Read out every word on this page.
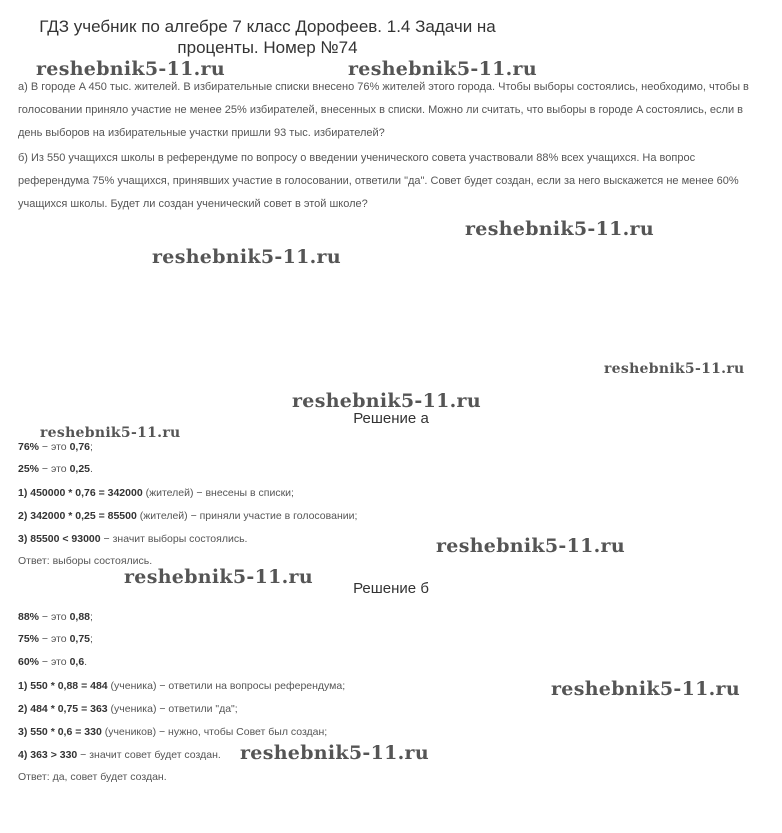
ГДЗ учебник по алгебре 7 класс Дорофеев. 1.4 Задачи на проценты. Номер №74
reshebnik5-11.ru	reshebnik5-11.ru
reshebnik5-11.ru
reshebnik5-11.ru
reshebnik5-11.ru
reshebnik5-11.ru
reshebnik5-11.ru
reshebnik5-11.ru
reshebnik5-11.ru
reshebnik5-11.ru
reshebnik5-11.ru
а) В городе A 450 тыс. жителей. В избирательные списки внесено 76% жителей этого города. Чтобы выборы состоялись, необходимо, чтобы в голосовании приняло участие не менее 25% избирателей, внесенных в списки. Можно ли считать, что выборы в городе A состоялись, если в день выборов на избирательные участки пришли 93 тыс. избирателей?
б) Из 550 учащихся школы в референдуме по вопросу о введении ученического совета участвовали 88% всех учащихся. На вопрос референдума 75% учащихся, принявших участие в голосовании, ответили "да". Совет будет создан, если за него выскажется не менее 60% учащихся школы. Будет ли создан ученический совет в этой школе?
Решение а
76% − это 0,76;
25% − это 0,25.
1) 450000 * 0,76 = 342000 (жителей) − внесены в списки;
2) 342000 * 0,25 = 85500 (жителей) − приняли участие в голосовании;
3) 85500 < 93000 − значит выборы состоялись.
Ответ: выборы состоялись.
Решение б
88% − это 0,88;
75% − это 0,75;
60% − это 0,6.
1) 550 * 0,88 = 484 (ученика) − ответили на вопросы референдума;
2) 484 * 0,75 = 363 (ученика) − ответили "да";
3) 550 * 0,6 = 330 (учеников) − нужно, чтобы Совет был создан;
4) 363 > 330 − значит совет будет создан.
Ответ: да, совет будет создан.
